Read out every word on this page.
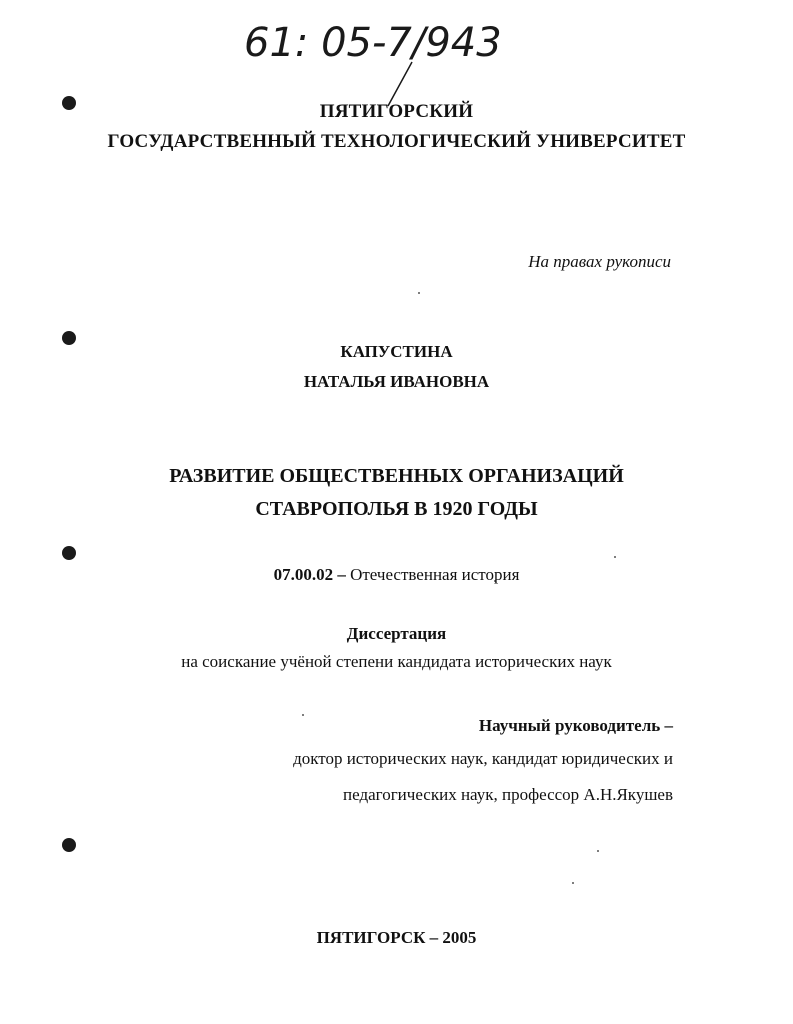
61: 05-7/943
ПЯТИГОРСКИЙ
ГОСУДАРСТВЕННЫЙ ТЕХНОЛОГИЧЕСКИЙ УНИВЕРСИТЕТ
На правах рукописи
КАПУСТИНА
НАТАЛЬЯ ИВАНОВНА
РАЗВИТИЕ ОБЩЕСТВЕННЫХ ОРГАНИЗАЦИЙ
СТАВРОПОЛЬЯ В 1920 ГОДЫ
07.00.02 – Отечественная история
Диссертация
на соискание учёной степени кандидата исторических наук
Научный руководитель –
доктор исторических наук, кандидат юридических и
педагогических наук, профессор А.Н.Якушев
ПЯТИГОРСК – 2005
